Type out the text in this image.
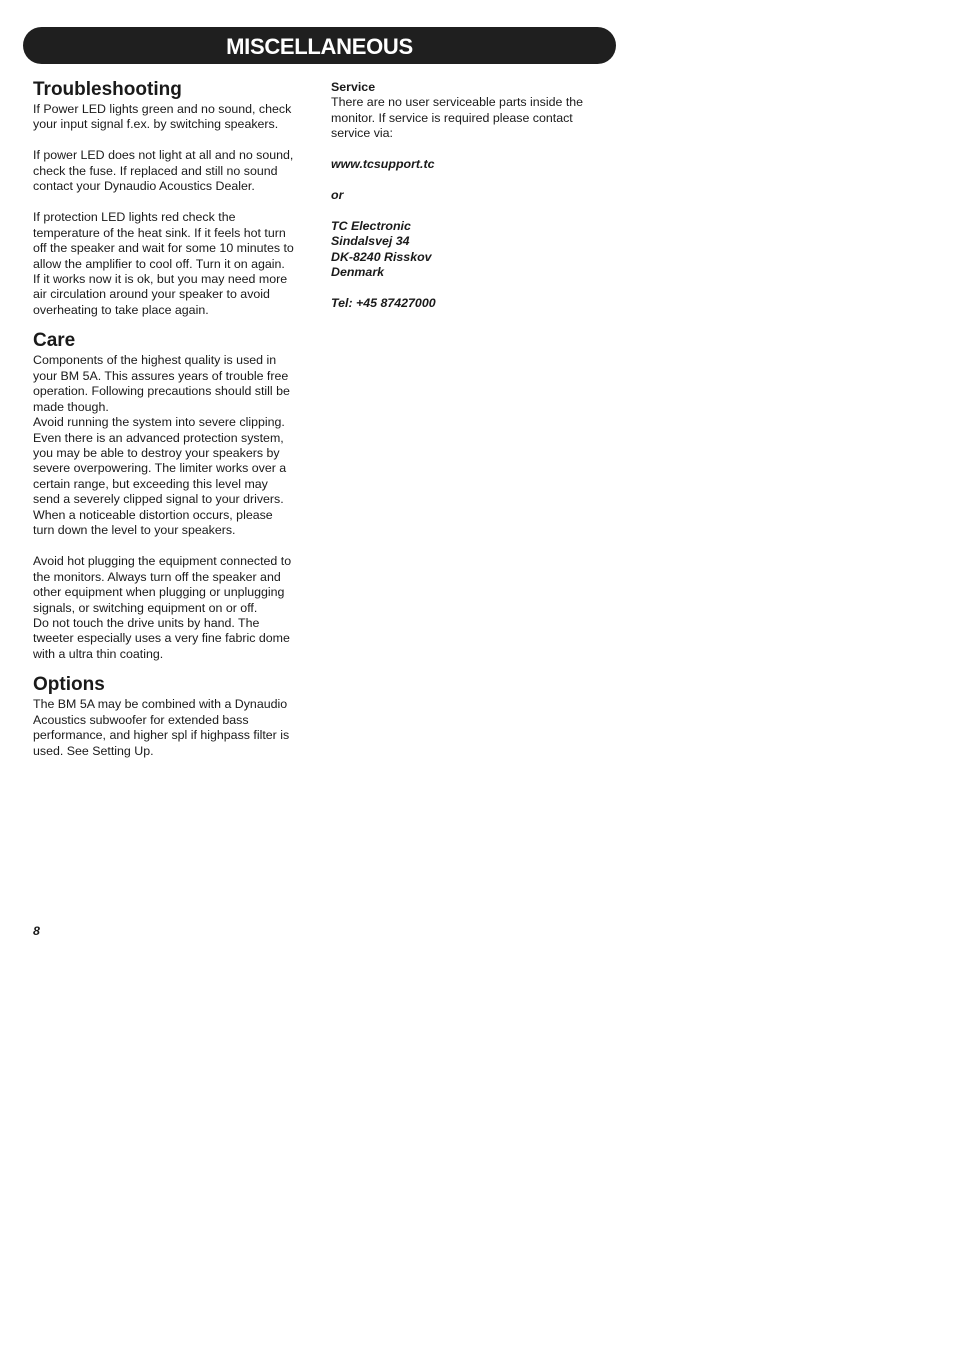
MISCELLANEOUS
Troubleshooting

If Power LED lights green and no sound, check
your input signal f.ex. by switching speakers.

If power LED does not light at all and no sound,
check the fuse. If replaced and still no sound
contact your Dynaudio Acoustics Dealer.

If protection LED lights red check the
temperature of the heat sink. If it feels hot turn
off the speaker and wait for some 10 minutes to
allow the amplifier to cool off. Turn it on again.
If it works now it is ok, but you may need more
air circulation around your speaker to avoid
overheating to take place again.

Care

Components of the highest quality is used in
your BM 5A. This assures years of trouble free
operation. Following precautions should still be
made though.
Avoid running the system into severe clipping.
Even there is an advanced protection system,
you may be able to destroy your speakers by
severe overpowering. The limiter works over a
certain range, but exceeding this level may
send a severely clipped signal to your drivers.
When a noticeable distortion occurs, please
turn down the level to your speakers.

Avoid hot plugging the equipment connected to
the monitors. Always turn off the speaker and
other equipment when plugging or unplugging
signals, or switching equipment on or off.
Do not touch the drive units by hand. The
tweeter especially uses a very fine fabric dome
with a ultra thin coating.

Options

The BM 5A may be combined with a Dynaudio
Acoustics subwoofer for extended bass
performance, and higher spl if highpass filter is
used. See Setting Up.

Service

There are no user serviceable parts inside the
monitor. If service is required please contact
service via:

www.tcsupport.tc

or

TC Electronic
Sindalsvej 34
DK-8240 Risskov
Denmark

Tel: +45 87427000

8
